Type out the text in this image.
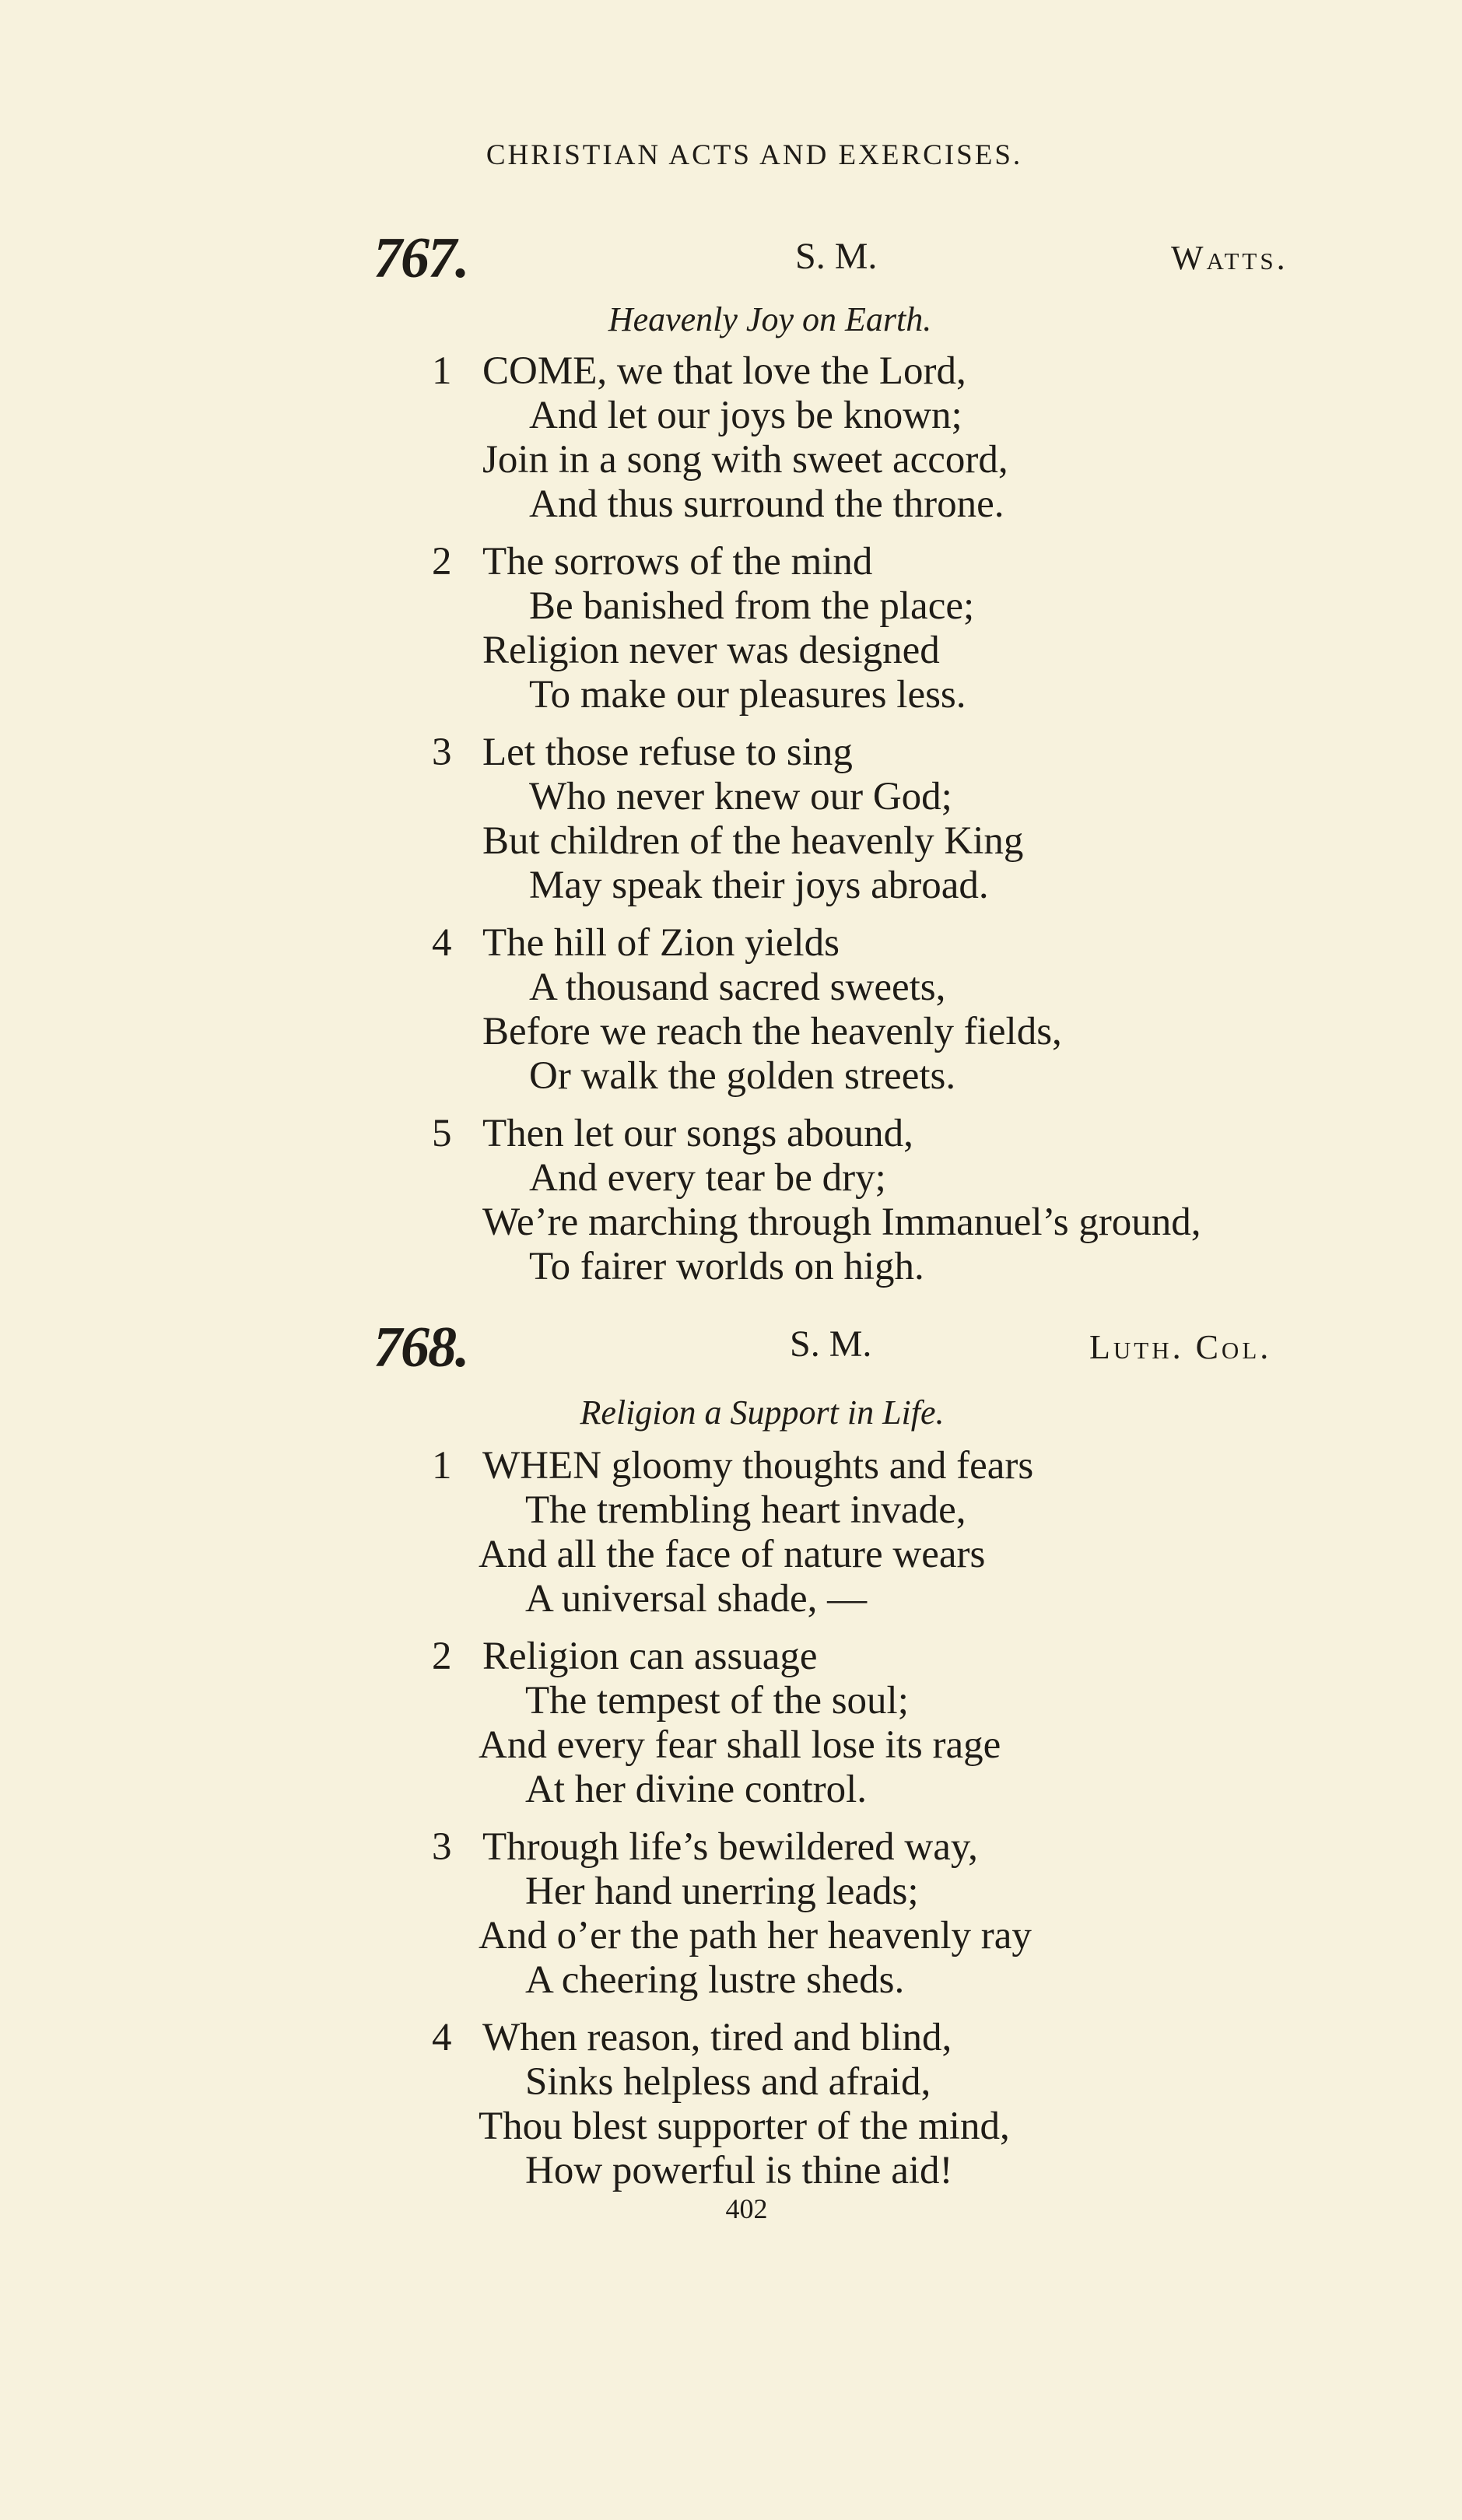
CHRISTIAN ACTS AND EXERCISES.
767.	S. M.	Watts.
Heavenly Joy on Earth.
1 COME, we that love the Lord,
And let our joys be known;
Join in a song with sweet accord,
And thus surround the throne.
2 The sorrows of the mind
Be banished from the place;
Religion never was designed
To make our pleasures less.
3 Let those refuse to sing
Who never knew our God;
But children of the heavenly King
May speak their joys abroad.
4 The hill of Zion yields
A thousand sacred sweets,
Before we reach the heavenly fields,
Or walk the golden streets.
5 Then let our songs abound,
And every tear be dry;
We’re marching through Immanuel’s ground,
To fairer worlds on high.
768.	S. M.	Luth. Col.
Religion a Support in Life.
1 WHEN gloomy thoughts and fears
The trembling heart invade,
And all the face of nature wears
A universal shade, —
2 Religion can assuage
The tempest of the soul;
And every fear shall lose its rage
At her divine control.
3 Through life’s bewildered way,
Her hand unerring leads;
And o’er the path her heavenly ray
A cheering lustre sheds.
4 When reason, tired and blind,
Sinks helpless and afraid,
Thou blest supporter of the mind,
How powerful is thine aid!
402
